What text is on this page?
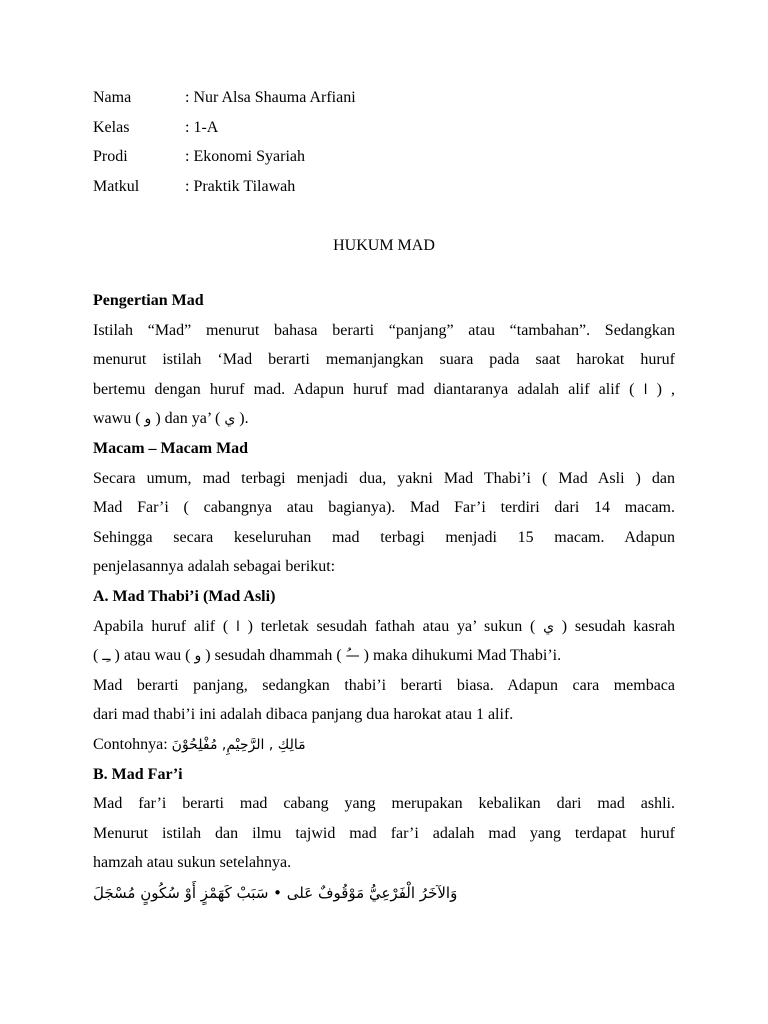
Nama	: Nur Alsa Shauma Arfiani
Kelas	: 1-A
Prodi	: Ekonomi Syariah
Matkul	: Praktik Tilawah
HUKUM MAD
Pengertian Mad
Istilah “Mad” menurut bahasa berarti “panjang” atau “tambahan”. Sedangkan
menurut istilah ‘Mad berarti memanjangkan suara pada saat harokat huruf
bertemu dengan huruf mad. Adapun huruf mad diantaranya adalah alif alif ( ا ) ,
wawu ( و ) dan ya’ ( ي ).
Macam – Macam Mad
Secara umum, mad terbagi menjadi dua, yakni Mad Thabi’i ( Mad Asli ) dan
Mad Far’i ( cabangnya atau bagianya). Mad Far’i terdiri dari 14 macam.
Sehingga secara keseluruhan mad terbagi menjadi 15 macam. Adapun
penjelasannya adalah sebagai berikut:
A. Mad Thabi’i (Mad Asli)
Apabila huruf alif ( ا ) terletak sesudah fathah atau ya’ sukun ( ي ) sesudah kasrah
( ـِـ ) atau wau ( و ) sesudah dhammah ( —ُ ) maka dihukumi Mad Thabi’i.
Mad berarti panjang, sedangkan thabi’i berarti biasa. Adapun cara membaca
dari mad thabi’i ini adalah dibaca panjang dua harokat atau 1 alif.
Contohnya: مَالِكِ , الرَّحِيْمِ, مُفْلِحُوْنَ
B. Mad Far’i
Mad far’i berarti mad cabang yang merupakan kebalikan dari mad ashli.
Menurut istilah dan ilmu tajwid mad far’i adalah mad yang terdapat huruf
hamzah atau sukun setelahnya.
وَالآخَرُ الْفَرْعِيُّ مَوْقُوفٌ عَلى • سَبَبْ كَهَمْزٍ أَوْ سُكُونٍ مُسْجَلَ
